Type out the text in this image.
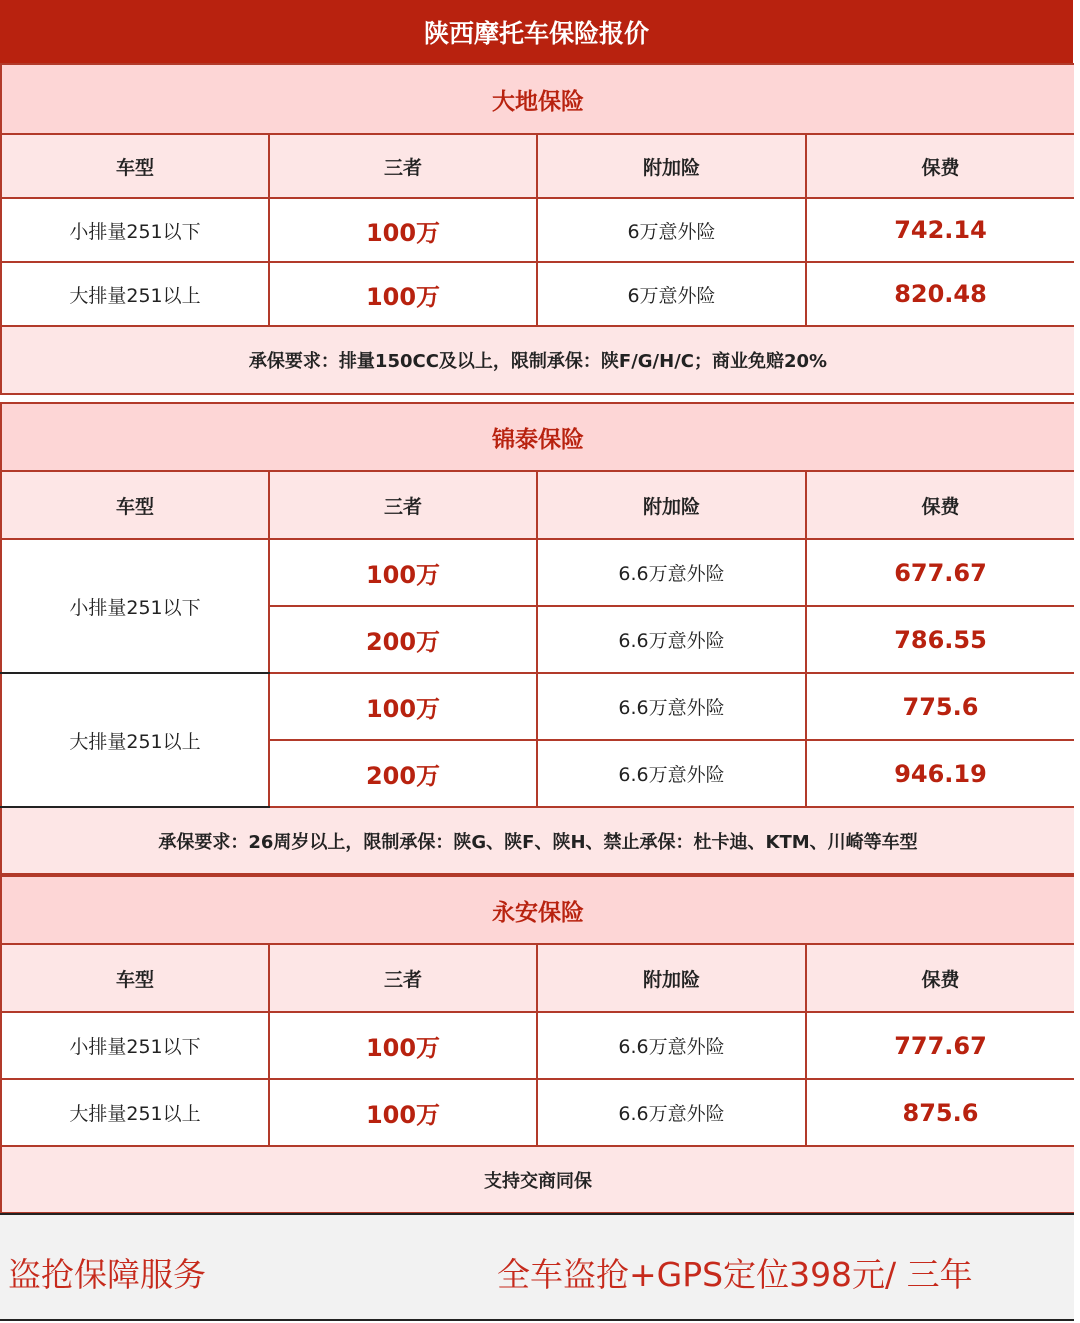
陕西摩托车保险报价
大地保险			
车型	三者	附加险	保费
小排量251以下	100万	6万意外险	742.14
大排量251以上	100万	6万意外险	820.48
承保要求：排量150CC及以上，限制承保：陕F/G/H/C；商业免赔20%			
锦泰保险			
车型	三者	附加险	保费
小排量251以下	100万	6.6万意外险	677.67
	200万	6.6万意外险	786.55
大排量251以上	100万	6.6万意外险	775.6
	200万	6.6万意外险	946.19
承保要求：26周岁以上，限制承保：陕G、陕F、陕H、禁止承保：杜卡迪、KTM、川崎等车型			
永安保险			
车型	三者	附加险	保费
小排量251以下	100万	6.6万意外险	777.67
大排量251以上	100万	6.6万意外险	875.6
支持交商同保			
盗抢保障服务	全车盗抢+GPS定位398元/ 三年
